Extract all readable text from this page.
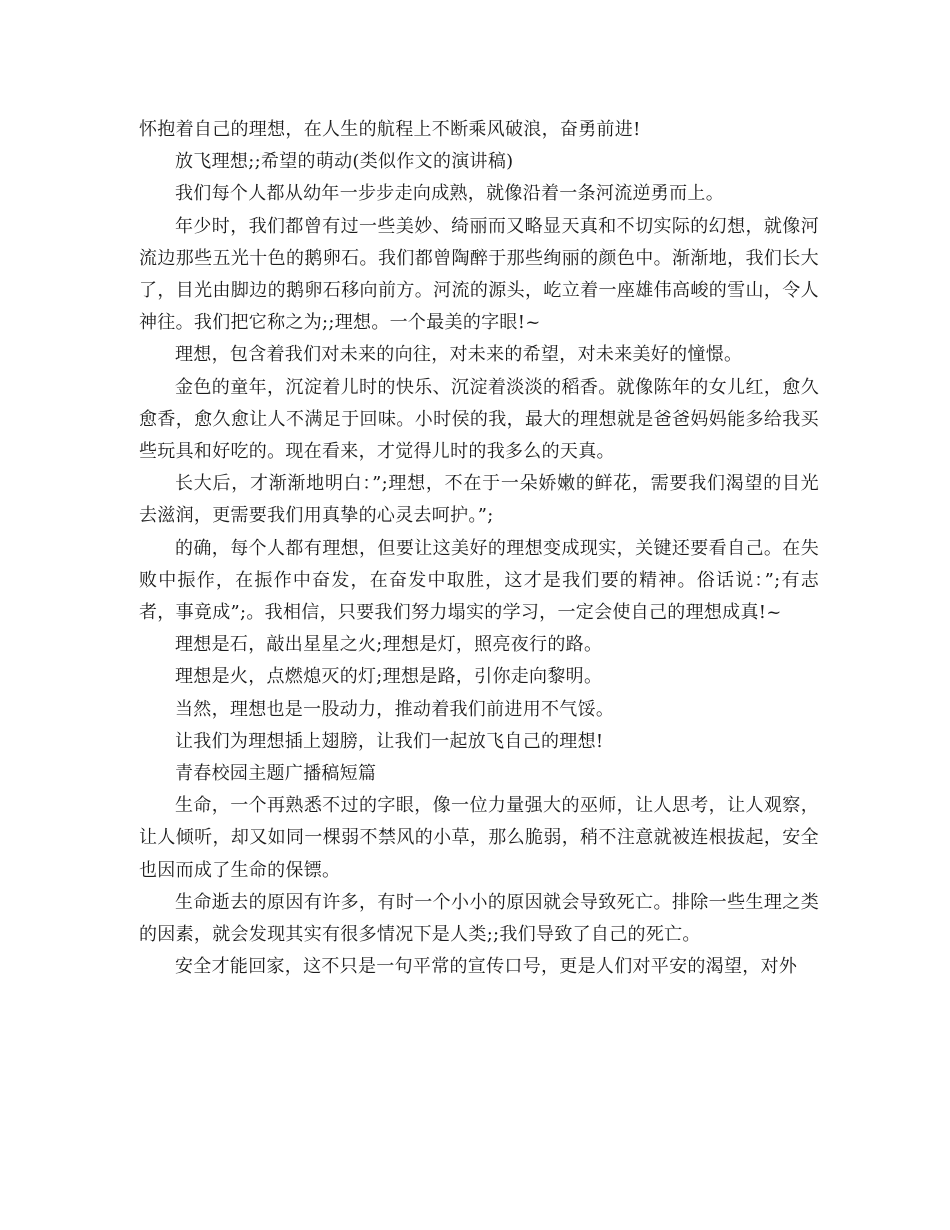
怀抱着自己的理想，在人生的航程上不断乘风破浪，奋勇前进!

放飞理想;;希望的萌动(类似作文的演讲稿)

我们每个人都从幼年一步步走向成熟，就像沿着一条河流逆勇而上。

年少时，我们都曾有过一些美妙、绮丽而又略显天真和不切实际的幻想，就像河流边那些五光十色的鹅卵石。我们都曾陶醉于那些绚丽的颜色中。渐渐地，我们长大了，目光由脚边的鹅卵石移向前方。河流的源头，屹立着一座雄伟高峻的雪山，令人神往。我们把它称之为;;理想。一个最美的字眼!~

理想，包含着我们对未来的向往，对未来的希望，对未来美好的憧憬。

金色的童年，沉淀着儿时的快乐、沉淀着淡淡的稻香。就像陈年的女儿红，愈久愈香，愈久愈让人不满足于回味。小时侯的我，最大的理想就是爸爸妈妈能多给我买些玩具和好吃的。现在看来，才觉得儿时的我多么的天真。

长大后，才渐渐地明白：”;理想，不在于一朵娇嫩的鲜花，需要我们渴望的目光去滋润，更需要我们用真挚的心灵去呵护。”;

的确，每个人都有理想，但要让这美好的理想变成现实，关键还要看自己。在失败中振作，在振作中奋发，在奋发中取胜，这才是我们要的精神。俗话说：”;有志者，事竟成”;。我相信，只要我们努力塌实的学习，一定会使自己的理想成真!~

理想是石，敲出星星之火;理想是灯，照亮夜行的路。

理想是火，点燃熄灭的灯;理想是路，引你走向黎明。

当然，理想也是一股动力，推动着我们前进用不气馁。

让我们为理想插上翅膀，让我们一起放飞自己的理想!

青春校园主题广播稿短篇

生命，一个再熟悉不过的字眼，像一位力量强大的巫师，让人思考，让人观察，让人倾听，却又如同一棵弱不禁风的小草，那么脆弱，稍不注意就被连根拔起，安全也因而成了生命的保镖。

生命逝去的原因有许多，有时一个小小的原因就会导致死亡。排除一些生理之类的因素，就会发现其实有很多情况下是人类;;我们导致了自己的死亡。

安全才能回家，这不只是一句平常的宣传口号，更是人们对平安的渴望，对外
